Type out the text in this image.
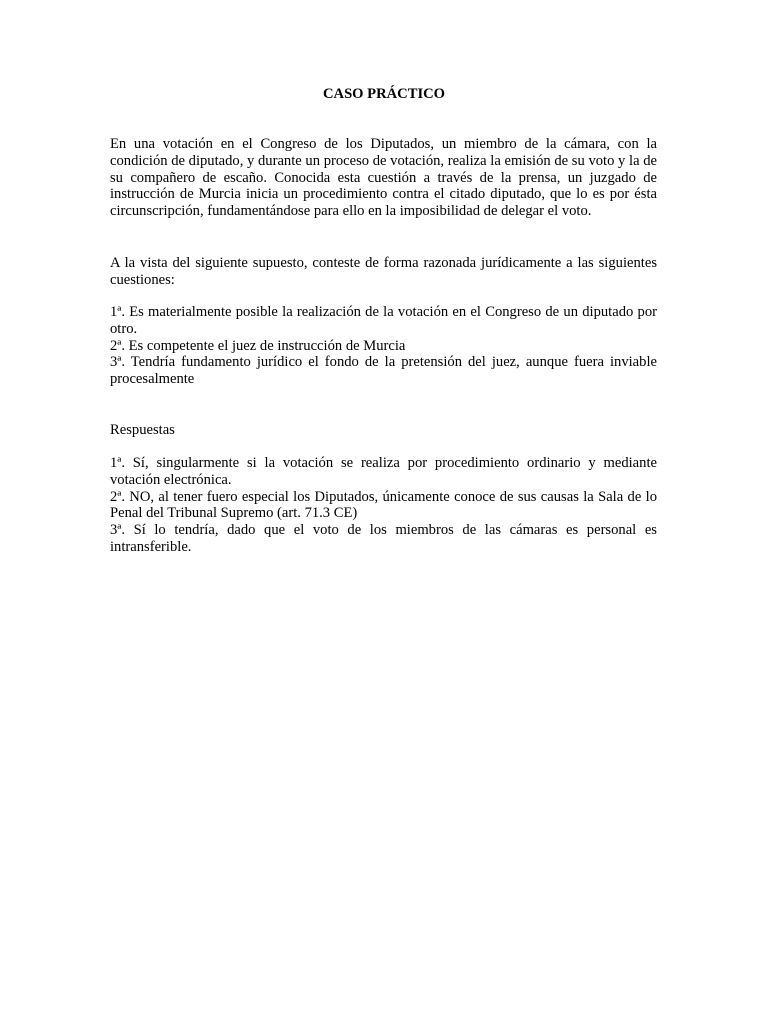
CASO PRÁCTICO

En una votación en el Congreso de los Diputados, un miembro de la cámara, con la condición de diputado, y durante un proceso de votación, realiza la emisión de su voto y la de su compañero de escaño. Conocida esta cuestión a través de la prensa, un juzgado de instrucción de Murcia inicia un procedimiento contra el citado diputado, que lo es por ésta circunscripción, fundamentándose para ello en la imposibilidad de delegar el voto.

A la vista del siguiente supuesto, conteste de forma razonada jurídicamente a las siguientes cuestiones:

1ª. Es materialmente posible la realización de la votación en el Congreso de un diputado por otro.
2ª. Es competente el juez de instrucción de Murcia
3ª. Tendría fundamento jurídico el fondo de la pretensión del juez, aunque fuera inviable procesalmente
Respuestas
1ª. Sí, singularmente si la votación se realiza por procedimiento ordinario y mediante votación electrónica.
2ª. NO, al tener fuero especial los Diputados, únicamente conoce de sus causas la Sala de lo Penal del Tribunal Supremo (art. 71.3 CE)
3ª. Sí lo tendría, dado que el voto de los miembros de las cámaras es personal es intransferible.
